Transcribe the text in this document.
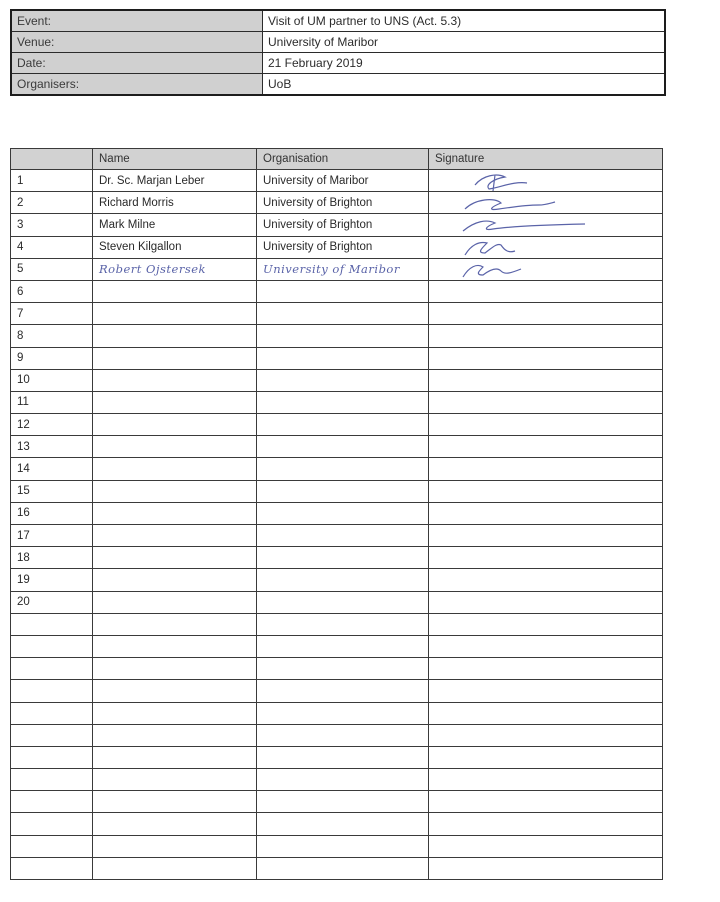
Event:	Visit of UM partner to UNS (Act. 5.3)
Venue:	University of Maribor
Date:	21 February 2019
Organisers:	UoB
	Name	Organisation	Signature
1	Dr. Sc. Marjan Leber	University of Maribor	

2	Richard Morris	University of Brighton	

3	Mark Milne	University of Brighton	

4	Steven Kilgallon	University of Brighton	

5	Robert Ojstersek	University of Maribor	

6			
7			
8			
9			
10			
11			
12			
13			
14			
15			
16			
17			
18			
19			
20			
